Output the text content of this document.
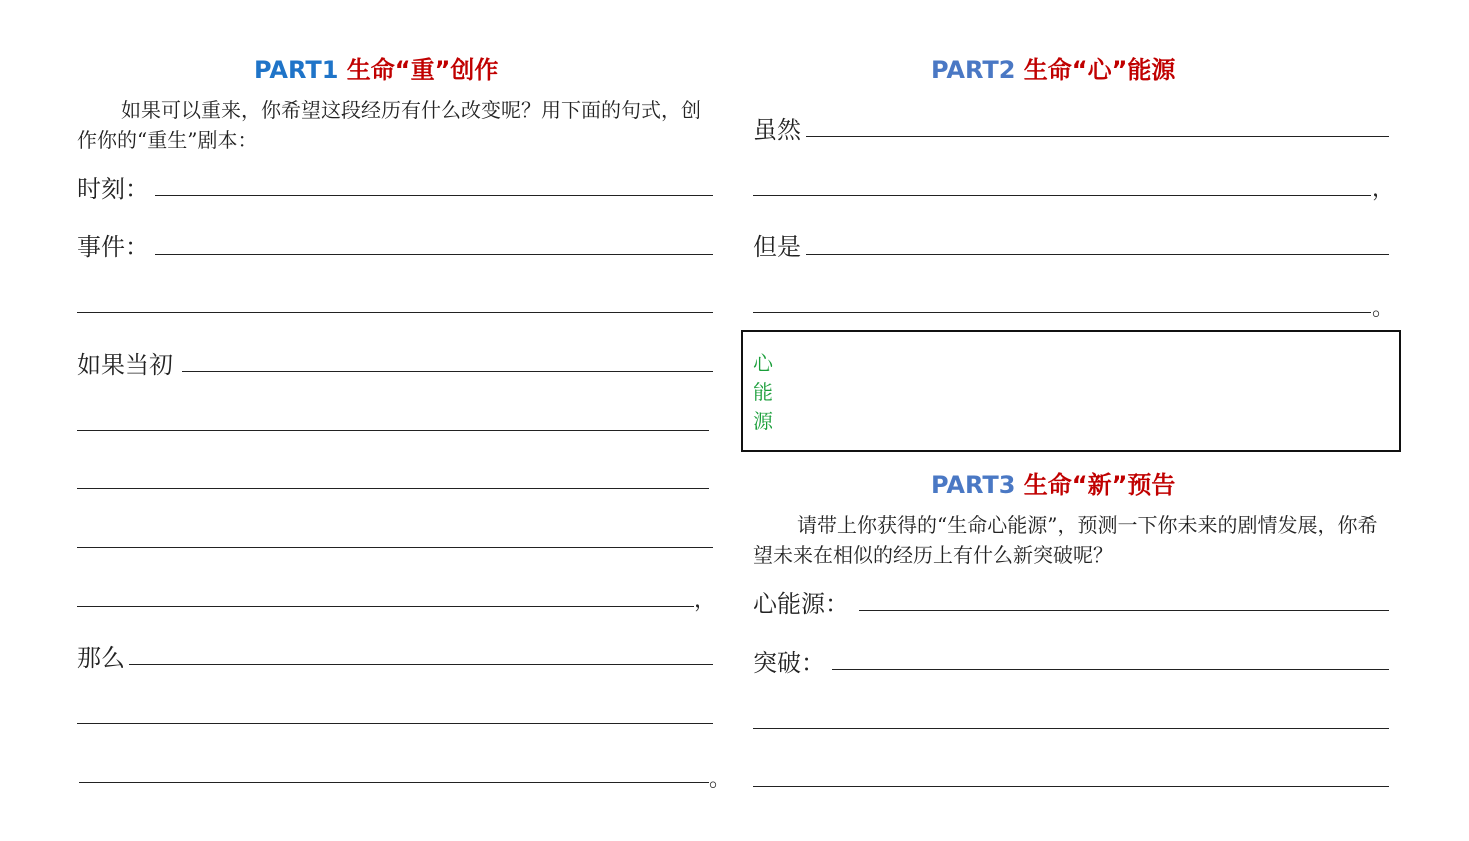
PART1 生命“重”创作
如果可以重来，你希望这段经历有什么改变呢？用下面的句式，创作你的“重生”剧本：
时刻：
事件：
如果当初
，
那么
。
PART2 生命“心”能源
虽然
，
但是
。
心能源
PART3 生命“新”预告
请带上你获得的“生命心能源”，预测一下你未来的剧情发展，你希望未来在相似的经历上有什么新突破呢？
心能源：
突破：
